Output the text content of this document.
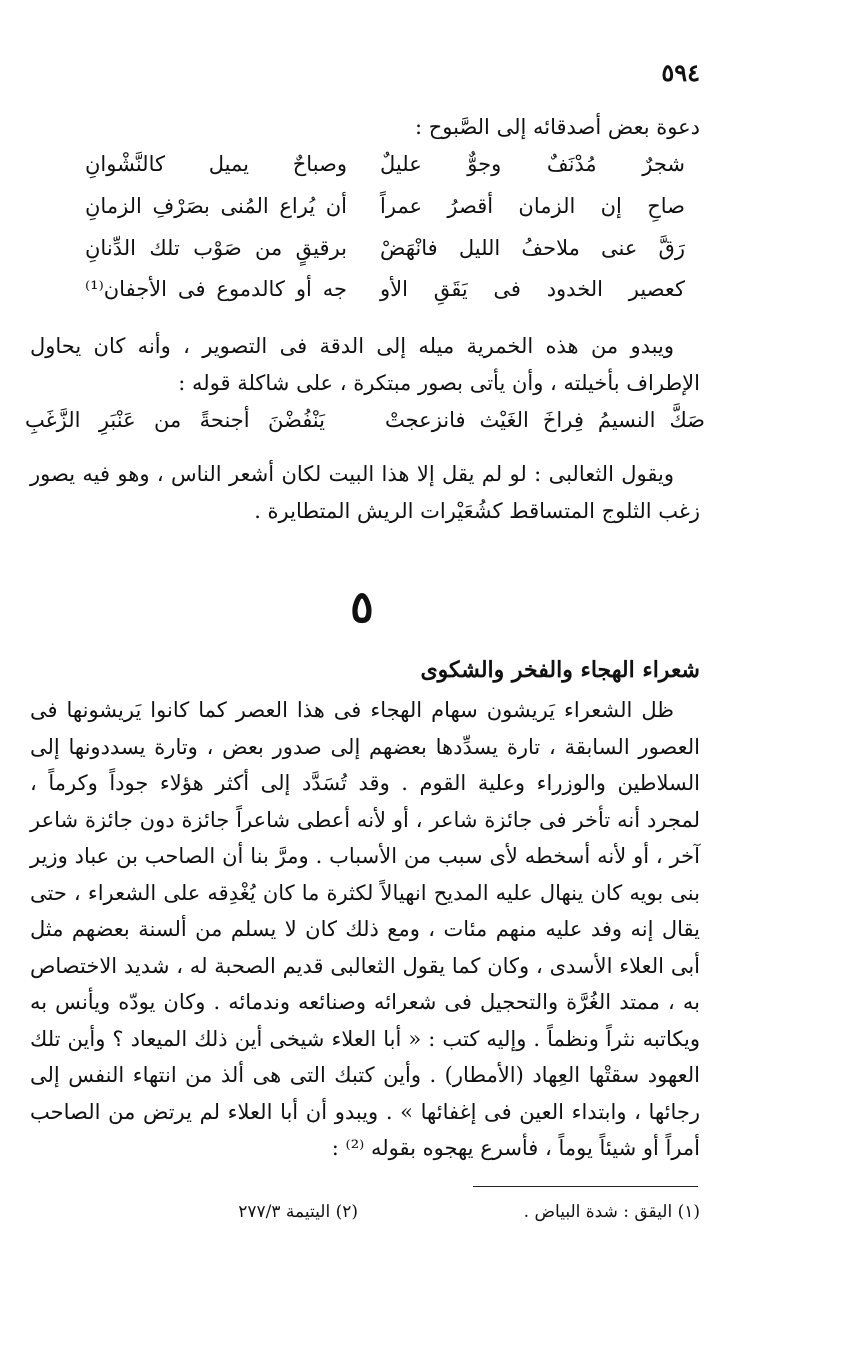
٥٩٤
دعوة بعض أصدقائه إلى الصَّبوح :
شجرٌ مُدْنَفٌ وجوٌّ عليلٌ
وصباحٌ يميل كالنَّشْوانِ
صاحِ إن الزمان أقصرُ عمراً
أن يُراع المُنى بصَرْفِ الزمانِ
رَقَّ عنى ملاحفُ الليل فانْهَضْ
برقيقٍ من صَوْب تلك الدِّنانِ
كعصير الخدود فى يَقَقِ الأو
جه أو كالدموع فى الأجفان⁽¹⁾
ويبدو من هذه الخمرية ميله إلى الدقة فى التصوير ، وأنه كان يحاول الإطراف بأخيلته ، وأن يأتى بصور مبتكرة ، على شاكلة قوله :
صَكَّ النسيمُ فِراخَ الغَيْث فانزعجتْ
يَنْفُضْنَ أجنحةً من عَنْبَرِ الزَّغَبِ
ويقول الثعالبى : لو لم يقل إلا هذا البيت لكان أشعر الناس ، وهو فيه يصور زغب الثلوج المتساقط كشُعَيْرات الريش المتطايرة .
٥
شعراء الهجاء والفخر والشكوى
ظل الشعراء يَريشون سهام الهجاء فى هذا العصر كما كانوا يَريشونها فى العصور السابقة ، تارة يسدِّدها بعضهم إلى صدور بعض ، وتارة يسددونها إلى السلاطين والوزراء وعلية القوم . وقد تُسَدَّد إلى أكثر هؤلاء جوداً وكرماً ، لمجرد أنه تأخر فى جائزة شاعر ، أو لأنه أعطى شاعراً جائزة دون جائزة شاعر آخر ، أو لأنه أسخطه لأى سبب من الأسباب . ومرَّ بنا أن الصاحب بن عباد وزير بنى بويه كان ينهال عليه المديح انهيالاً لكثرة ما كان يُغْدِقه على الشعراء ، حتى يقال إنه وفد عليه منهم مئات ، ومع ذلك كان لا يسلم من ألسنة بعضهم مثل أبى العلاء الأسدى ، وكان كما يقول الثعالبى قديم الصحبة له ، شديد الاختصاص به ، ممتد الغُرَّة والتحجيل فى شعرائه وصنائعه وندمائه . وكان يودّه ويأنس به ويكاتبه نثراً ونظماً . وإليه كتب : « أبا العلاء شيخى أين ذلك الميعاد ؟ وأين تلك العهود سقتْها العِهاد (الأمطار) . وأين كتبك التى هى ألذ من انتهاء النفس إلى رجائها ، وابتداء العين فى إغفائها » . ويبدو أن أبا العلاء لم يرتض من الصاحب أمراً أو شيئاً يوماً ، فأسرع يهجوه بقوله ⁽²⁾ :
(١) اليقق : شدة البياض .
(٢) اليتيمة ٢٧٧/٣
